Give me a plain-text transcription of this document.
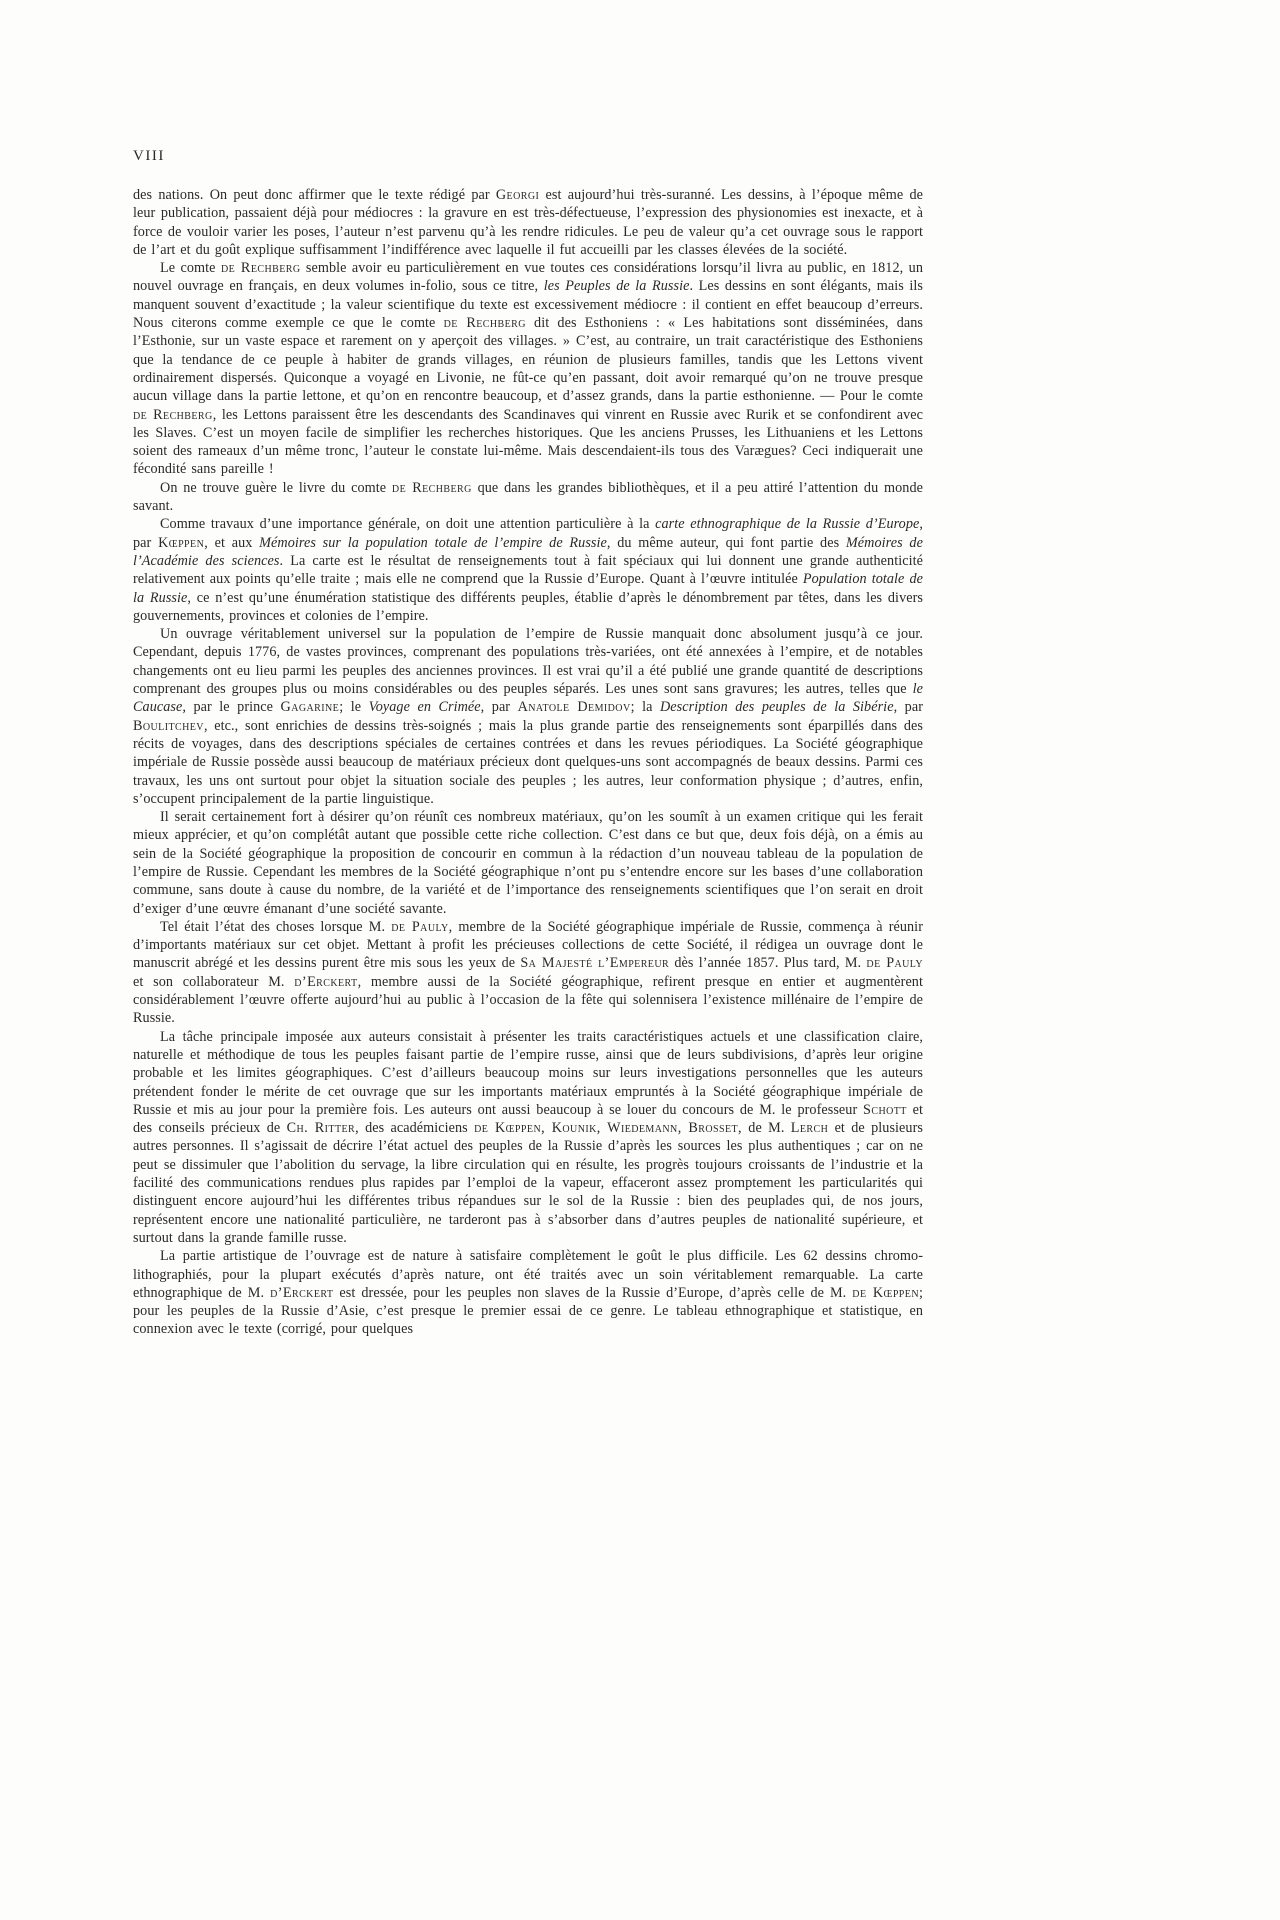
VIII

des nations. On peut donc affirmer que le texte rédigé par Georgi est aujourd’hui très-suranné. Les dessins, à l’époque même de leur publication, passaient déjà pour médiocres : la gravure en est très-défectueuse, l’expression des physionomies est inexacte, et à force de vouloir varier les poses, l’auteur n’est parvenu qu’à les rendre ridicules. Le peu de valeur qu’a cet ouvrage sous le rapport de l’art et du goût explique suffisamment l’indifférence avec laquelle il fut accueilli par les classes élevées de la société.

Le comte de Rechberg semble avoir eu particulièrement en vue toutes ces considérations lorsqu’il livra au public, en 1812, un nouvel ouvrage en français, en deux volumes in-folio, sous ce titre, les Peuples de la Russie. Les dessins en sont élégants, mais ils manquent souvent d’exactitude ; la valeur scientifique du texte est excessivement médiocre : il contient en effet beaucoup d’erreurs. Nous citerons comme exemple ce que le comte de Rechberg dit des Esthoniens : « Les habitations sont disséminées, dans l’Esthonie, sur un vaste espace et rarement on y aperçoit des villages. » C’est, au contraire, un trait caractéristique des Esthoniens que la tendance de ce peuple à habiter de grands villages, en réunion de plusieurs familles, tandis que les Lettons vivent ordinairement dispersés. Quiconque a voyagé en Livonie, ne fût-ce qu’en passant, doit avoir remarqué qu’on ne trouve presque aucun village dans la partie lettone, et qu’on en rencontre beaucoup, et d’assez grands, dans la partie esthonienne. — Pour le comte de Rechberg, les Lettons paraissent être les descendants des Scandinaves qui vinrent en Russie avec Rurik et se confondirent avec les Slaves. C’est un moyen facile de simplifier les recherches historiques. Que les anciens Prusses, les Lithuaniens et les Lettons soient des rameaux d’un même tronc, l’auteur le constate lui-même. Mais descendaient-ils tous des Varægues? Ceci indiquerait une fécondité sans pareille !

On ne trouve guère le livre du comte de Rechberg que dans les grandes bibliothèques, et il a peu attiré l’attention du monde savant.

Comme travaux d’une importance générale, on doit une attention particulière à la carte ethnographique de la Russie d’Europe, par Kœppen, et aux Mémoires sur la population totale de l’empire de Russie, du même auteur, qui font partie des Mémoires de l’Académie des sciences. La carte est le résultat de renseignements tout à fait spéciaux qui lui donnent une grande authenticité relativement aux points qu’elle traite ; mais elle ne comprend que la Russie d’Europe. Quant à l’œuvre intitulée Population totale de la Russie, ce n’est qu’une énumération statistique des différents peuples, établie d’après le dénombrement par têtes, dans les divers gouvernements, provinces et colonies de l’empire.

Un ouvrage véritablement universel sur la population de l’empire de Russie manquait donc absolument jusqu’à ce jour. Cependant, depuis 1776, de vastes provinces, comprenant des populations très-variées, ont été annexées à l’empire, et de notables changements ont eu lieu parmi les peuples des anciennes provinces. Il est vrai qu’il a été publié une grande quantité de descriptions comprenant des groupes plus ou moins considérables ou des peuples séparés. Les unes sont sans gravures; les autres, telles que le Caucase, par le prince Gagarine; le Voyage en Crimée, par Anatole Demidov; la Description des peuples de la Sibérie, par Boulitchev, etc., sont enrichies de dessins très-soignés ; mais la plus grande partie des renseignements sont éparpillés dans des récits de voyages, dans des descriptions spéciales de certaines contrées et dans les revues périodiques. La Société géographique impériale de Russie possède aussi beaucoup de matériaux précieux dont quelques-uns sont accompagnés de beaux dessins. Parmi ces travaux, les uns ont surtout pour objet la situation sociale des peuples ; les autres, leur conformation physique ; d’autres, enfin, s’occupent principalement de la partie linguistique.

Il serait certainement fort à désirer qu’on réunît ces nombreux matériaux, qu’on les soumît à un examen critique qui les ferait mieux apprécier, et qu’on complétât autant que possible cette riche collection. C’est dans ce but que, deux fois déjà, on a émis au sein de la Société géographique la proposition de concourir en commun à la rédaction d’un nouveau tableau de la population de l’empire de Russie. Cependant les membres de la Société géographique n’ont pu s’entendre encore sur les bases d’une collaboration commune, sans doute à cause du nombre, de la variété et de l’importance des renseignements scientifiques que l’on serait en droit d’exiger d’une œuvre émanant d’une société savante.

Tel était l’état des choses lorsque M. de Pauly, membre de la Société géographique impériale de Russie, commença à réunir d’importants matériaux sur cet objet. Mettant à profit les précieuses collections de cette Société, il rédigea un ouvrage dont le manuscrit abrégé et les dessins purent être mis sous les yeux de Sa Majesté l’Empereur dès l’année 1857. Plus tard, M. de Pauly et son collaborateur M. d’Erckert, membre aussi de la Société géographique, refirent presque en entier et augmentèrent considérablement l’œuvre offerte aujourd’hui au public à l’occasion de la fête qui solennisera l’existence millénaire de l’empire de Russie.

La tâche principale imposée aux auteurs consistait à présenter les traits caractéristiques actuels et une classification claire, naturelle et méthodique de tous les peuples faisant partie de l’empire russe, ainsi que de leurs subdivisions, d’après leur origine probable et les limites géographiques. C’est d’ailleurs beaucoup moins sur leurs investigations personnelles que les auteurs prétendent fonder le mérite de cet ouvrage que sur les importants matériaux empruntés à la Société géographique impériale de Russie et mis au jour pour la première fois. Les auteurs ont aussi beaucoup à se louer du concours de M. le professeur Schott et des conseils précieux de Ch. Ritter, des académiciens de Kœppen, Kounik, Wiedemann, Brosset, de M. Lerch et de plusieurs autres personnes. Il s’agissait de décrire l’état actuel des peuples de la Russie d’après les sources les plus authentiques ; car on ne peut se dissimuler que l’abolition du servage, la libre circulation qui en résulte, les progrès toujours croissants de l’industrie et la facilité des communications rendues plus rapides par l’emploi de la vapeur, effaceront assez promptement les particularités qui distinguent encore aujourd’hui les différentes tribus répandues sur le sol de la Russie : bien des peuplades qui, de nos jours, représentent encore une nationalité particulière, ne tarderont pas à s’absorber dans d’autres peuples de nationalité supérieure, et surtout dans la grande famille russe.

La partie artistique de l’ouvrage est de nature à satisfaire complètement le goût le plus difficile. Les 62 dessins chromo-lithographiés, pour la plupart exécutés d’après nature, ont été traités avec un soin véritablement remarquable. La carte ethnographique de M. d’Erckert est dressée, pour les peuples non slaves de la Russie d’Europe, d’après celle de M. de Kœppen; pour les peuples de la Russie d’Asie, c’est presque le premier essai de ce genre. Le tableau ethnographique et statistique, en connexion avec le texte (corrigé, pour quelques
